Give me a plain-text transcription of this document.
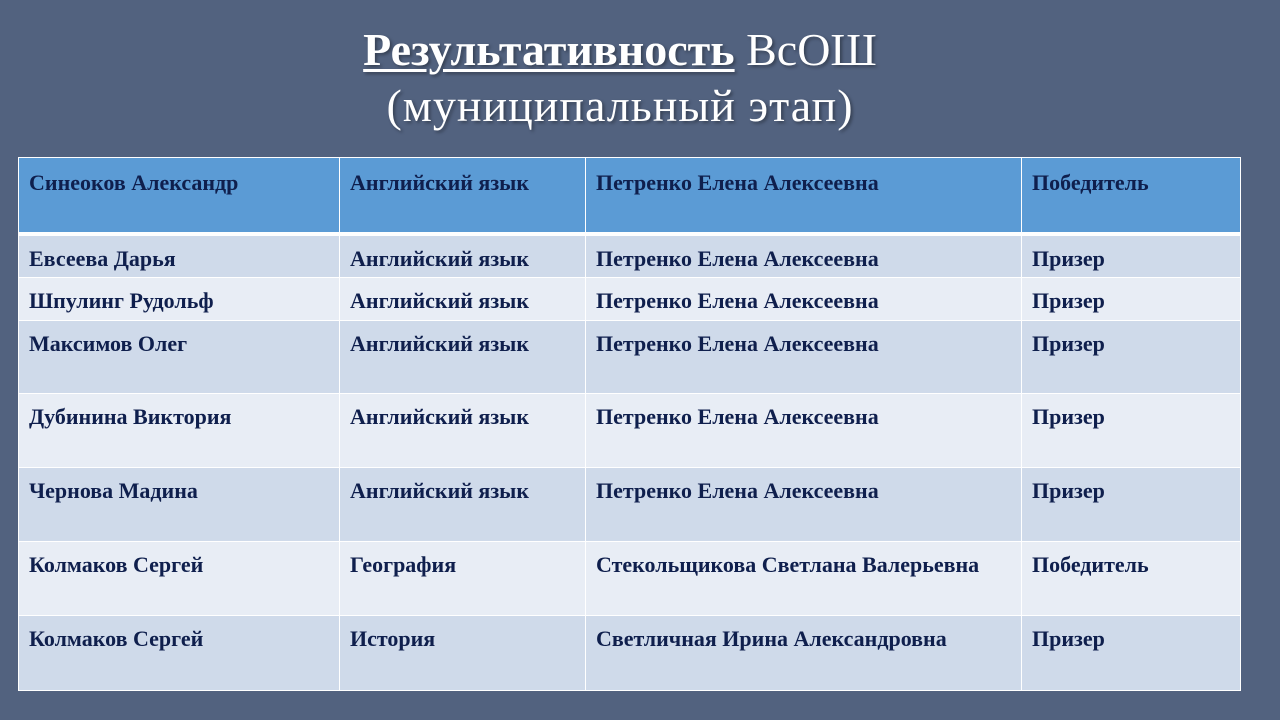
Результативность ВсОШ
(муниципальный этап)
Синеоков Александр	Английский язык	Петренко Елена Алексеевна	Победитель
Евсеева Дарья	Английский язык	Петренко Елена Алексеевна	Призер
Шпулинг Рудольф	Английский язык	Петренко Елена Алексеевна	Призер
Максимов Олег	Английский язык	Петренко Елена Алексеевна	Призер
Дубинина Виктория	Английский язык	Петренко Елена Алексеевна	Призер
Чернова Мадина	Английский язык	Петренко Елена Алексеевна	Призер
Колмаков Сергей	География	Стекольщикова Светлана Валерьевна	Победитель
Колмаков Сергей	История	Светличная Ирина Александровна	Призер
